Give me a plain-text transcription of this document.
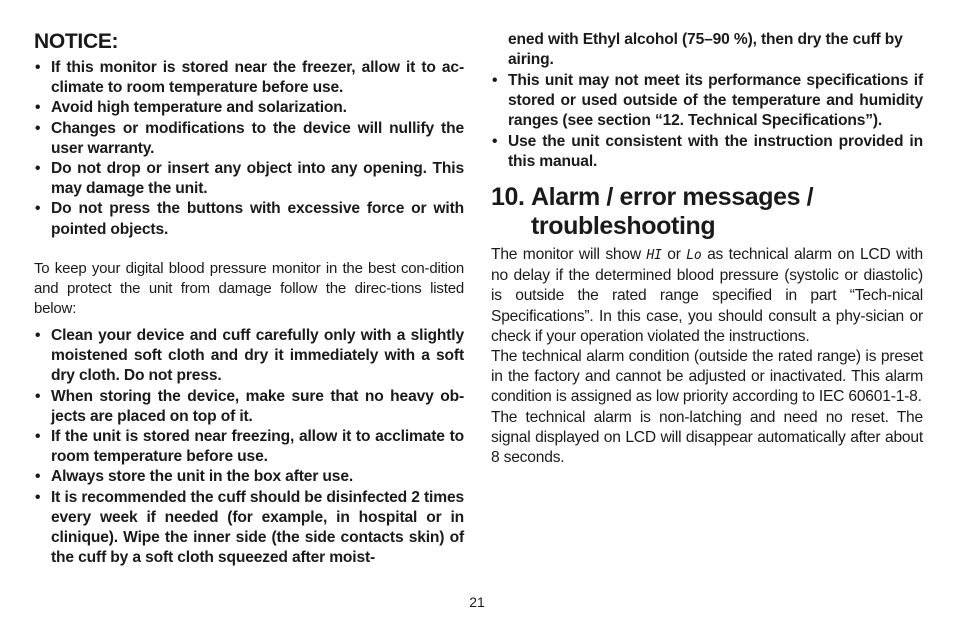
NOTICE:
• If this monitor is stored near the freezer, allow it to ac-climate to room temperature before use.
• Avoid high temperature and solarization.
• Changes or modifications to the device will nullify the user warranty.
• Do not drop or insert any object into any opening. This may damage the unit.
• Do not press the buttons with excessive force or with pointed objects.
To keep your digital blood pressure monitor in the best con-dition and protect the unit from damage follow the direc-tions listed below:
• Clean your device and cuff carefully only with a slightly moistened soft cloth and dry it immediately with a soft dry cloth. Do not press.
• When storing the device, make sure that no heavy ob-jects are placed on top of it.
• If the unit is stored near freezing, allow it to acclimate to room temperature before use.
• Always store the unit in the box after use.
• It is recommended the cuff should be disinfected 2 times every week if needed (for example, in hospital or in clinique). Wipe the inner side (the side contacts skin) of the cuff by a soft cloth squeezed after moist-
ened with Ethyl alcohol (75–90 %), then dry the cuff by airing.
• This unit may not meet its performance specifications if stored or used outside of the temperature and humidity ranges (see section “12. Technical Specifications”).
• Use the unit consistent with the instruction provided in this manual.
10. Alarm / error messages /
troubleshooting

The monitor will show HI or Lo as technical alarm on LCD with no delay if the determined blood pressure (systolic or diastolic) is outside the rated range specified in part “Tech-nical Specifications”. In this case, you should consult a phy-sician or check if your operation violated the instructions.

The technical alarm condition (outside the rated range) is preset in the factory and cannot be adjusted or inactivated. This alarm condition is assigned as low priority according to IEC 60601-1-8.

The technical alarm is non-latching and need no reset. The signal displayed on LCD will disappear automatically after about 8 seconds.

21
